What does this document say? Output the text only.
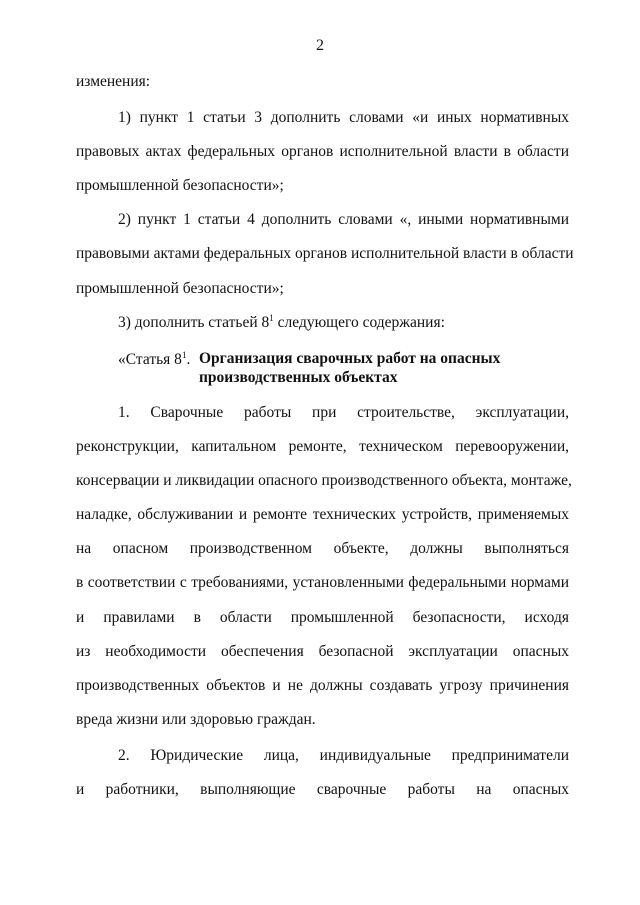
2
изменения:
1) пункт 1 статьи 3 дополнить словами «и иных нормативных
правовых актах федеральных органов исполнительной власти в области
промышленной безопасности»;
2) пункт 1 статьи 4 дополнить словами «, иными нормативными
правовыми актами федеральных органов исполнительной власти в области
промышленной безопасности»;
3) дополнить статьей $8^1$ следующего содержания:
«Статья $8^1$. Организация сварочных работ на опасных
производственных объектах
1. Сварочные работы при строительстве, эксплуатации,
реконструкции, капитальном ремонте, техническом перевооружении,
консервации и ликвидации опасного производственного объекта, монтаже,
наладке, обслуживании и ремонте технических устройств, применяемых
на опасном производственном объекте, должны выполняться
в соответствии с требованиями, установленными федеральными нормами
и правилами в области промышленной безопасности, исходя
из необходимости обеспечения безопасной эксплуатации опасных
производственных объектов и не должны создавать угрозу причинения
вреда жизни или здоровью граждан.
2. Юридические лица, индивидуальные предприниматели
и работники, выполняющие сварочные работы на опасных
